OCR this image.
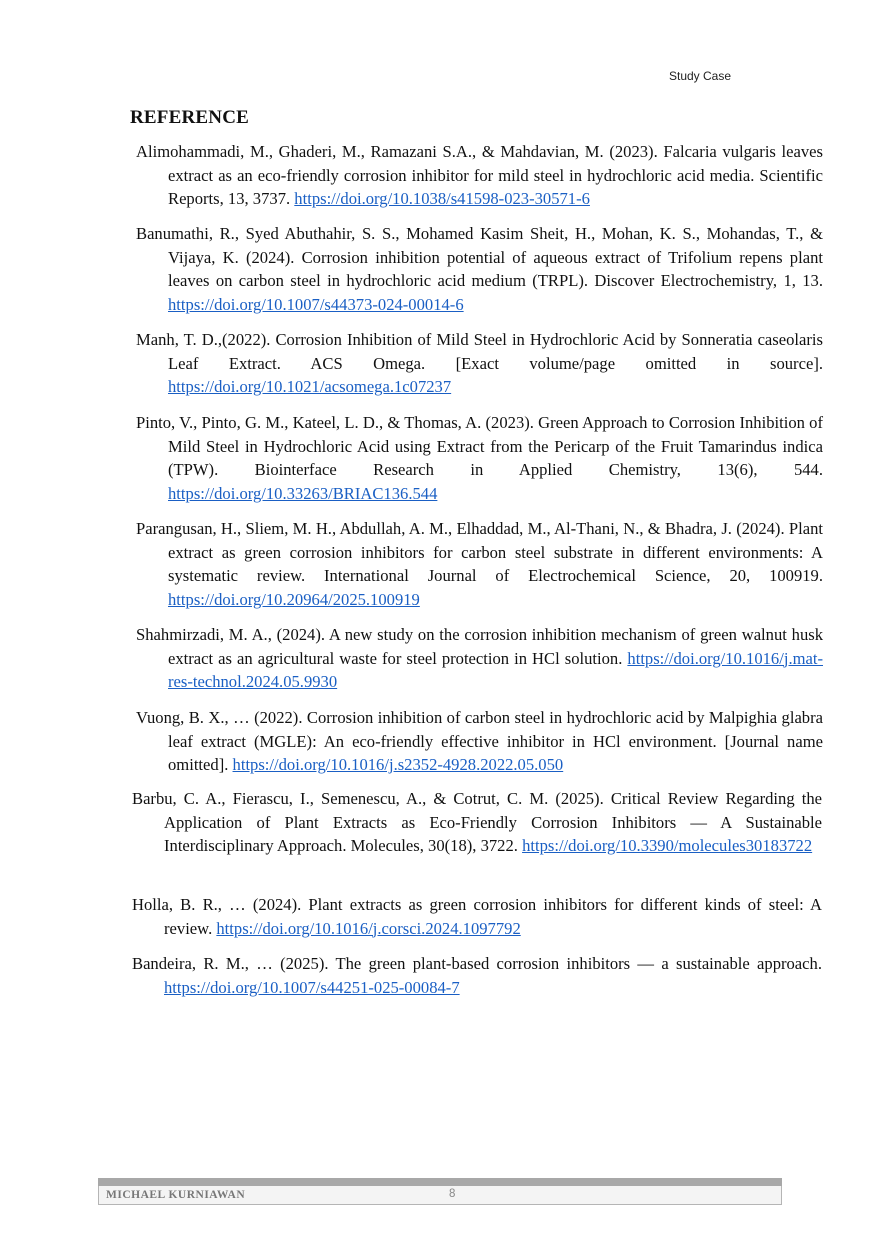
Study Case
REFERENCE

Alimohammadi, M., Ghaderi, M., Ramazani S.A., & Mahdavian, M. (2023). Falcaria vulgaris leaves extract as an eco-friendly corrosion inhibitor for mild steel in hydrochloric acid media. Scientific Reports, 13, 3737. https://doi.org/10.1038/s41598-023-30571-6

Banumathi, R., Syed Abuthahir, S. S., Mohamed Kasim Sheit, H., Mohan, K. S., Mohandas, T., & Vijaya, K. (2024). Corrosion inhibition potential of aqueous extract of Trifolium repens plant leaves on carbon steel in hydrochloric acid medium (TRPL). Discover Electrochemistry, 1, 13. https://doi.org/10.1007/s44373-024-00014-6

Manh, T. D.,(2022). Corrosion Inhibition of Mild Steel in Hydrochloric Acid by Sonneratia caseolaris Leaf Extract. ACS Omega. [Exact volume/page omitted in source]. https://doi.org/10.1021/acsomega.1c07237

Pinto, V., Pinto, G. M., Kateel, L. D., & Thomas, A. (2023). Green Approach to Corrosion Inhibition of Mild Steel in Hydrochloric Acid using Extract from the Pericarp of the Fruit Tamarindus indica (TPW). Biointerface Research in Applied Chemistry, 13(6), 544. https://doi.org/10.33263/BRIAC136.544

Parangusan, H., Sliem, M. H., Abdullah, A. M., Elhaddad, M., Al-Thani, N., & Bhadra, J. (2024). Plant extract as green corrosion inhibitors for carbon steel substrate in different environments: A systematic review. International Journal of Electrochemical Science, 20, 100919. https://doi.org/10.20964/2025.100919

Shahmirzadi, M. A., (2024). A new study on the corrosion inhibition mechanism of green walnut husk extract as an agricultural waste for steel protection in HCl solution. https://doi.org/10.1016/j.mat-res-technol.2024.05.9930

Vuong, B. X., … (2022). Corrosion inhibition of carbon steel in hydrochloric acid by Malpighia glabra leaf extract (MGLE): An eco-friendly effective inhibitor in HCl environment. [Journal name omitted]. https://doi.org/10.1016/j.s2352-4928.2022.05.050

Barbu, C. A., Fierascu, I., Semenescu, A., & Cotrut, C. M. (2025). Critical Review Regarding the Application of Plant Extracts as Eco-Friendly Corrosion Inhibitors — A Sustainable Interdisciplinary Approach. Molecules, 30(18), 3722. https://doi.org/10.3390/molecules30183722

Holla, B. R., … (2024). Plant extracts as green corrosion inhibitors for different kinds of steel: A review. https://doi.org/10.1016/j.corsci.2024.1097792

Bandeira, R. M., … (2025). The green plant-based corrosion inhibitors — a sustainable approach. https://doi.org/10.1007/s44251-025-00084-7

MICHAEL KURNIAWAN	8
